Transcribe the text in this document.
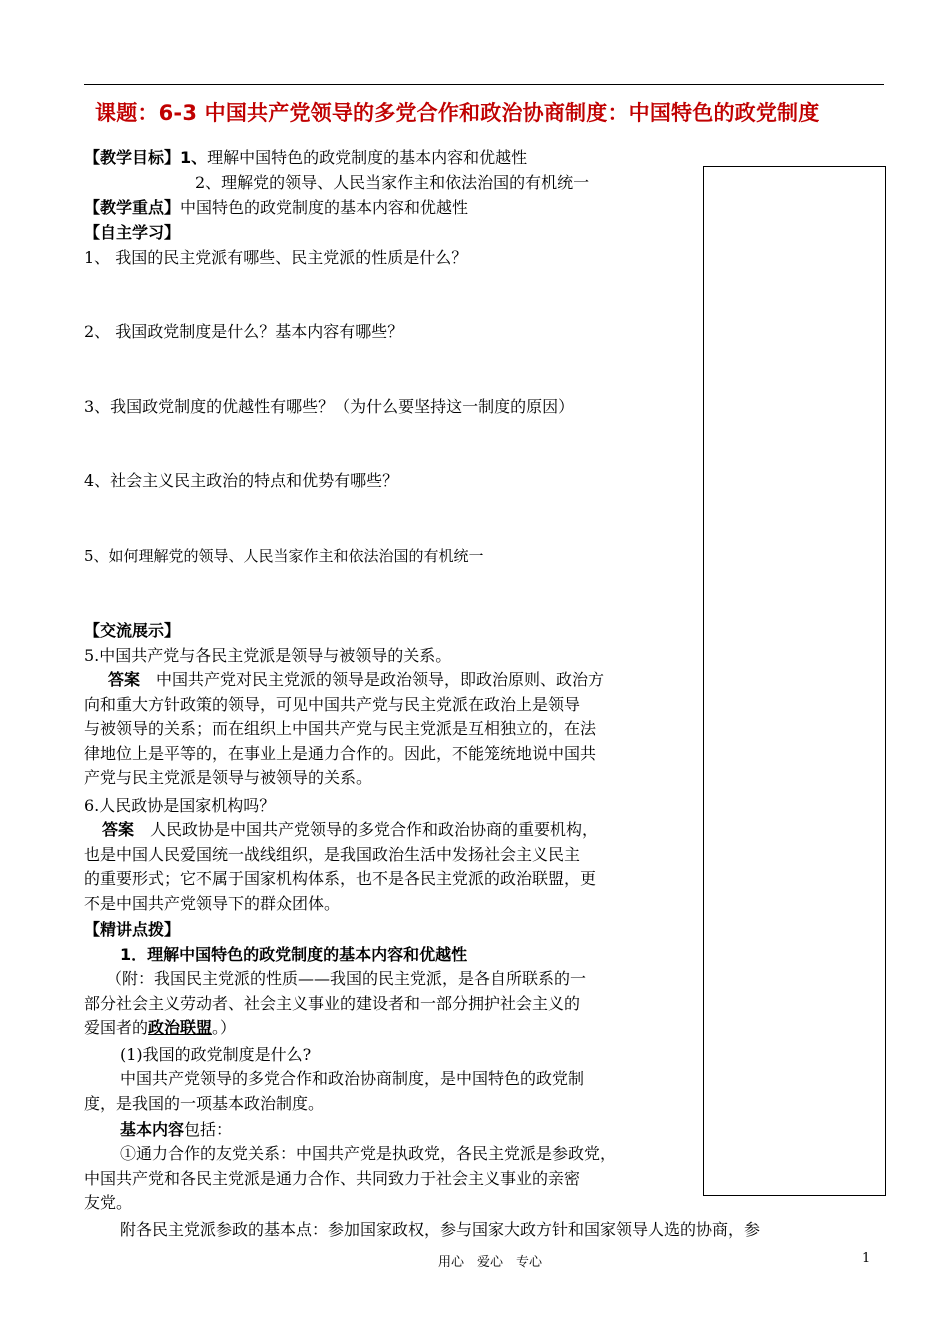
课题：6-3 中国共产党领导的多党合作和政治协商制度：中国特色的政党制度
【教学目标】1、理解中国特色的政党制度的基本内容和优越性
2、理解党的领导、人民当家作主和依法治国的有机统一
【教学重点】中国特色的政党制度的基本内容和优越性
【自主学习】
1、 我国的民主党派有哪些、民主党派的性质是什么？
2、 我国政党制度是什么？基本内容有哪些？
3、我国政党制度的优越性有哪些？（为什么要坚持这一制度的原因）
4、社会主义民主政治的特点和优势有哪些？
5、如何理解党的领导、人民当家作主和依法治国的有机统一
【交流展示】
5.中国共产党与各民主党派是领导与被领导的关系。
答案　 中国共产党对民主党派的领导是政治领导，即政治原则、政治方
向和重大方针政策的领导，可见中国共产党与民主党派在政治上是领导
与被领导的关系；而在组织上中国共产党与民主党派是互相独立的，在法
律地位上是平等的，在事业上是通力合作的。因此，不能笼统地说中国共
产党与民主党派是领导与被领导的关系。
6.人民政协是国家机构吗？
答案　 人民政协是中国共产党领导的多党合作和政治协商的重要机构，
也是中国人民爱国统一战线组织，是我国政治生活中发扬社会主义民主
的重要形式；它不属于国家机构体系，也不是各民主党派的政治联盟，更
不是中国共产党领导下的群众团体。
【精讲点拨】
1．理解中国特色的政党制度的基本内容和优越性
（附：我国民主党派的性质——我国的民主党派，是各自所联系的一
部分社会主义劳动者、社会主义事业的建设者和一部分拥护社会主义的
爱国者的政治联盟。）
(1)我国的政党制度是什么?
中国共产党领导的多党合作和政治协商制度，是中国特色的政党制
度，是我国的一项基本政治制度。
基本内容包括：
①通力合作的友党关系：中国共产党是执政党，各民主党派是参政党，
中国共产党和各民主党派是通力合作、共同致力于社会主义事业的亲密
友党。
附各民主党派参政的基本点：参加国家政权，参与国家大政方针和国家领导人选的协商，参
用心　爱心　专心	1
